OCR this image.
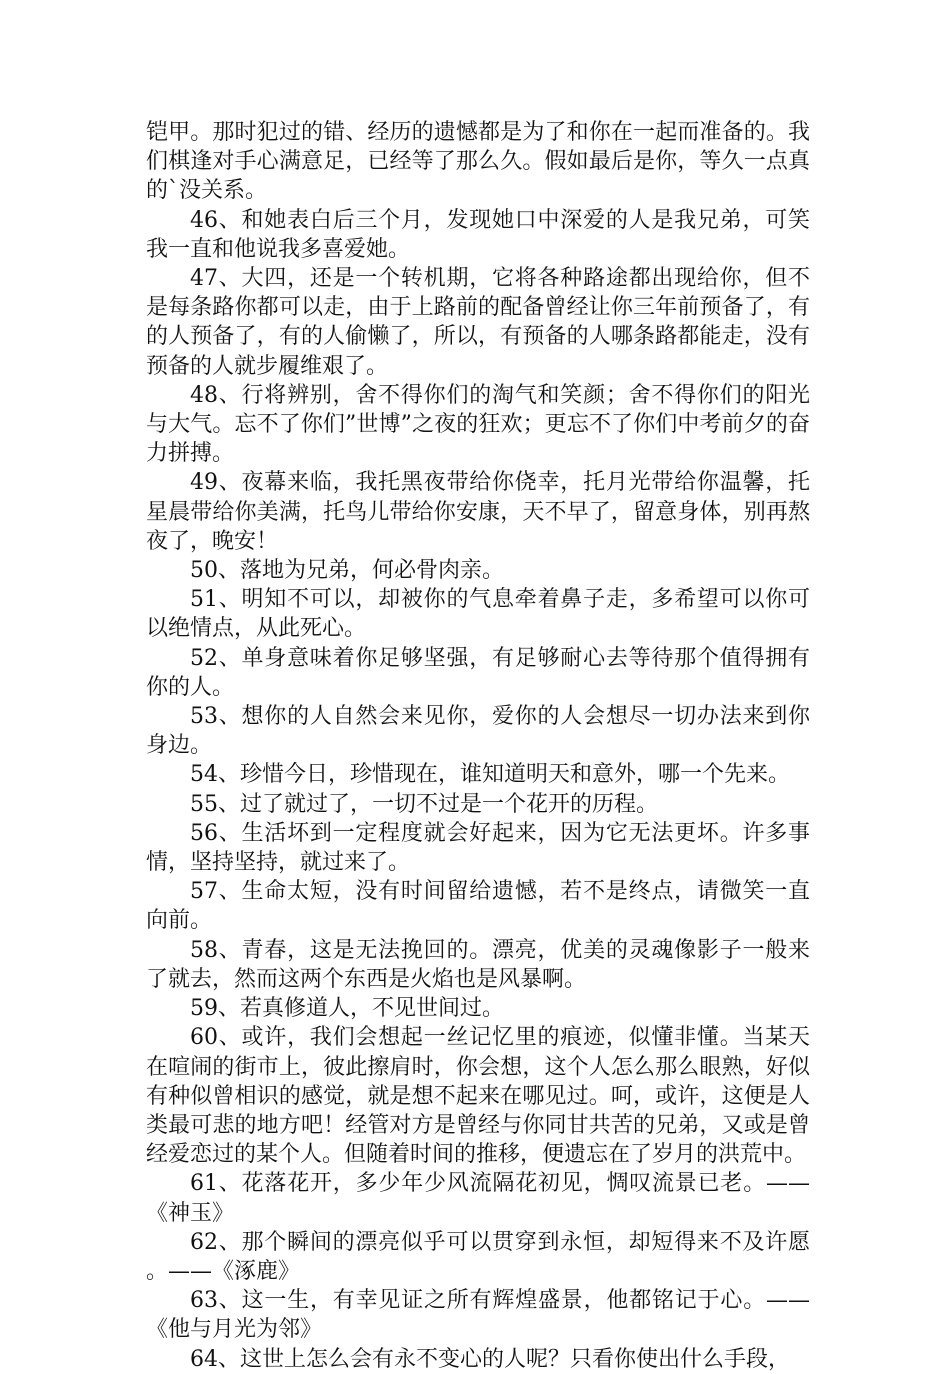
铠甲。那时犯过的错、经历的遗憾都是为了和你在一起而准备的。我们棋逢对手心满意足，已经等了那么久。假如最后是你，等久一点真的`没关系。

46、和她表白后三个月，发现她口中深爱的人是我兄弟，可笑我一直和他说我多喜爱她。

47、大四，还是一个转机期，它将各种路途都出现给你，但不是每条路你都可以走，由于上路前的配备曾经让你三年前预备了，有的人预备了，有的人偷懒了，所以，有预备的人哪条路都能走，没有预备的人就步履维艰了。

48、行将辨别，舍不得你们的淘气和笑颜；舍不得你们的阳光与大气。忘不了你们”世博”之夜的狂欢；更忘不了你们中考前夕的奋力拼搏。

49、夜幕来临，我托黑夜带给你侥幸，托月光带给你温馨，托星晨带给你美满，托鸟儿带给你安康，天不早了，留意身体，别再熬夜了，晚安！

50、落地为兄弟，何必骨肉亲。

51、明知不可以，却被你的气息牵着鼻子走，多希望可以你可以绝情点，从此死心。

52、单身意味着你足够坚强，有足够耐心去等待那个值得拥有你的人。

53、想你的人自然会来见你，爱你的人会想尽一切办法来到你身边。

54、珍惜今日，珍惜现在，谁知道明天和意外，哪一个先来。

55、过了就过了，一切不过是一个花开的历程。

56、生活坏到一定程度就会好起来，因为它无法更坏。许多事情，坚持坚持，就过来了。

57、生命太短，没有时间留给遗憾，若不是终点，请微笑一直向前。

58、青春，这是无法挽回的。漂亮，优美的灵魂像影子一般来了就去，然而这两个东西是火焰也是风暴啊。

59、若真修道人，不见世间过。

60、或许，我们会想起一丝记忆里的痕迹，似懂非懂。当某天在喧闹的街市上，彼此擦肩时，你会想，这个人怎么那么眼熟，好似有种似曾相识的感觉，就是想不起来在哪见过。呵，或许，这便是人类最可悲的地方吧！经管对方是曾经与你同甘共苦的兄弟，又或是曾经爱恋过的某个人。但随着时间的推移，便遗忘在了岁月的洪荒中。

61、花落花开，多少年少风流隔花初见，惆叹流景已老。——《神玉》

62、那个瞬间的漂亮似乎可以贯穿到永恒，却短得来不及许愿。——《涿鹿》

63、这一生，有幸见证之所有辉煌盛景，他都铭记于心。——《他与月光为邻》

64、这世上怎么会有永不变心的人呢？只看你使出什么手段，
